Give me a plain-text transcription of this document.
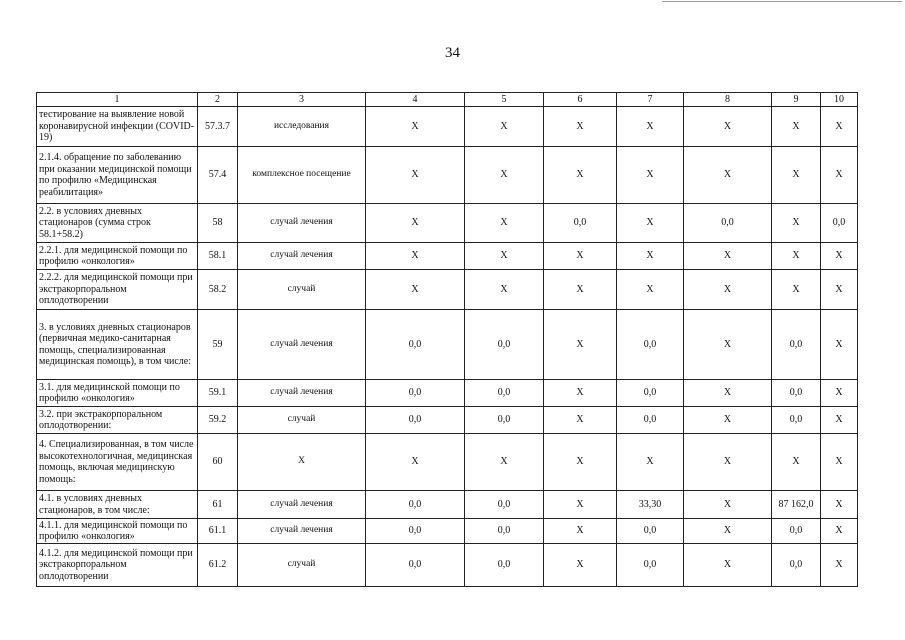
34
1	2	3	4	5	6	7	8	9	10
тестирование на выявление новой коронавирусной инфекции (COVID-19)	57.3.7	исследования	X	X	X	X	X	X	X
2.1.4. обращение по заболеванию при оказании медицинской помощи по профилю «Медицинская реабилитация»	57.4	комплексное посещение	X	X	X	X	X	X	X
2.2. в условиях дневных стационаров (сумма строк 58.1+58.2)	58	случай лечения	X	X	0,0	X	0,0	X	0,0
2.2.1. для медицинской помощи по профилю «онкология»	58.1	случай лечения	X	X	X	X	X	X	X
2.2.2. для медицинской помощи при экстракорпоральном оплодотворении	58.2	случай	X	X	X	X	X	X	X
3. в условиях дневных стационаров (первичная медико-санитарная помощь, специализированная медицинская помощь), в том числе:	59	случай лечения	0,0	0,0	X	0,0	X	0,0	X
3.1. для медицинской помощи по профилю «онкология»	59.1	случай лечения	0,0	0,0	X	0,0	X	0,0	X
3.2. при экстракорпоральном оплодотворении:	59.2	случай	0,0	0,0	X	0,0	X	0,0	X
4. Специализированная, в том числе высокотехнологичная, медицинская помощь, включая медицинскую помощь:	60	X	X	X	X	X	X	X	X
4.1. в условиях дневных стационаров, в том числе:	61	случай лечения	0,0	0,0	X	33,30	X	87 162,0	X
4.1.1. для медицинской помощи по профилю «онкология»	61.1	случай лечения	0,0	0,0	X	0,0	X	0,0	X
4.1.2. для медицинской помощи при экстракорпоральном оплодотворении	61.2	случай	0,0	0,0	X	0,0	X	0,0	X
